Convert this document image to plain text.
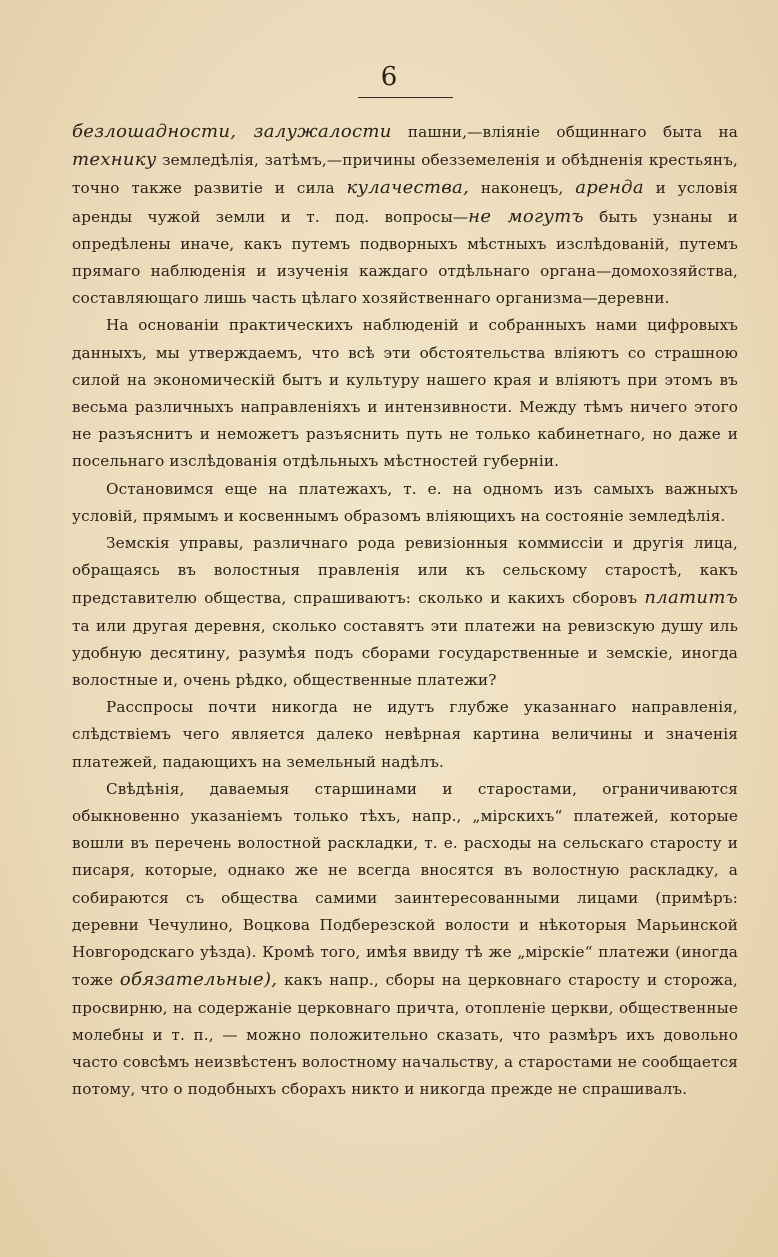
6

безлошадности, залужалости пашни,—вліяніе общиннаго быта на технику земледѣлія, затѣмъ,—причины обезземеленія и обѣдненія крестьянъ, точно также развитіе и сила кулачества, наконецъ, аренда и условія аренды чужой земли и т. под. вопросы—не могутъ быть узнаны и опредѣлены иначе, какъ путемъ подворныхъ мѣстныхъ изслѣдованій, путемъ прямаго наблюденія и изученія каждаго отдѣльнаго органа—домохозяйства, составляющаго лишь часть цѣлаго хозяйственнаго организма—деревни.

На основаніи практическихъ наблюденій и собранныхъ нами цифровыхъ данныхъ, мы утверждаемъ, что всѣ эти обстоятельства вліяютъ со страшною силой на экономическій бытъ и культуру нашего края и вліяютъ при этомъ въ весьма различныхъ направленіяхъ и интензивности. Между тѣмъ ничего этого не разъяснитъ и неможетъ разъяснить путь не только кабинетнаго, но даже и посельнаго изслѣдованія отдѣльныхъ мѣстностей губерніи.

Остановимся еще на платежахъ, т. е. на одномъ изъ самыхъ важныхъ условій, прямымъ и косвеннымъ образомъ вліяющихъ на состояніе земледѣлія.

Земскія управы, различнаго рода ревизіонныя коммиссіи и другія лица, обращаясь въ волостныя правленія или къ сельскому старостѣ, какъ представителю общества, спрашиваютъ: сколько и какихъ сборовъ платитъ та или другая деревня, сколько составятъ эти платежи на ревизскую душу иль удобную десятину, разумѣя подъ сборами государственные и земскіе, иногда волостные и, очень рѣдко, общественные платежи?

Расспросы почти никогда не идутъ глубже указаннаго направленія, слѣдствіемъ чего является далеко невѣрная картина величины и значенія платежей, падающихъ на земельный надѣлъ.

Свѣдѣнія, даваемыя старшинами и старостами, ограничиваются обыкновенно указаніемъ только тѣхъ, напр., „мірскихъ“ платежей, которые вошли въ перечень волостной раскладки, т. е. расходы на сельскаго старосту и писаря, которые, однако же не всегда вносятся въ волостную раскладку, а собираются съ общества самими заинтересованными лицами (примѣръ: деревни Чечулино, Воцкова Подберезской волости и нѣкоторыя Марьинской Новгородскаго уѣзда). Кромѣ того, имѣя ввиду тѣ же „мірскіе“ платежи (иногда тоже обязательные), какъ напр., сборы на церковнаго старосту и сторожа, просвирню, на содержаніе церковнаго причта, отопленіе церкви, общественные молебны и т. п., — можно положительно сказать, что размѣръ ихъ довольно часто совсѣмъ неизвѣстенъ волостному начальству, а старостами не сообщается потому, что о подобныхъ сборахъ никто и никогда прежде не спрашивалъ.
